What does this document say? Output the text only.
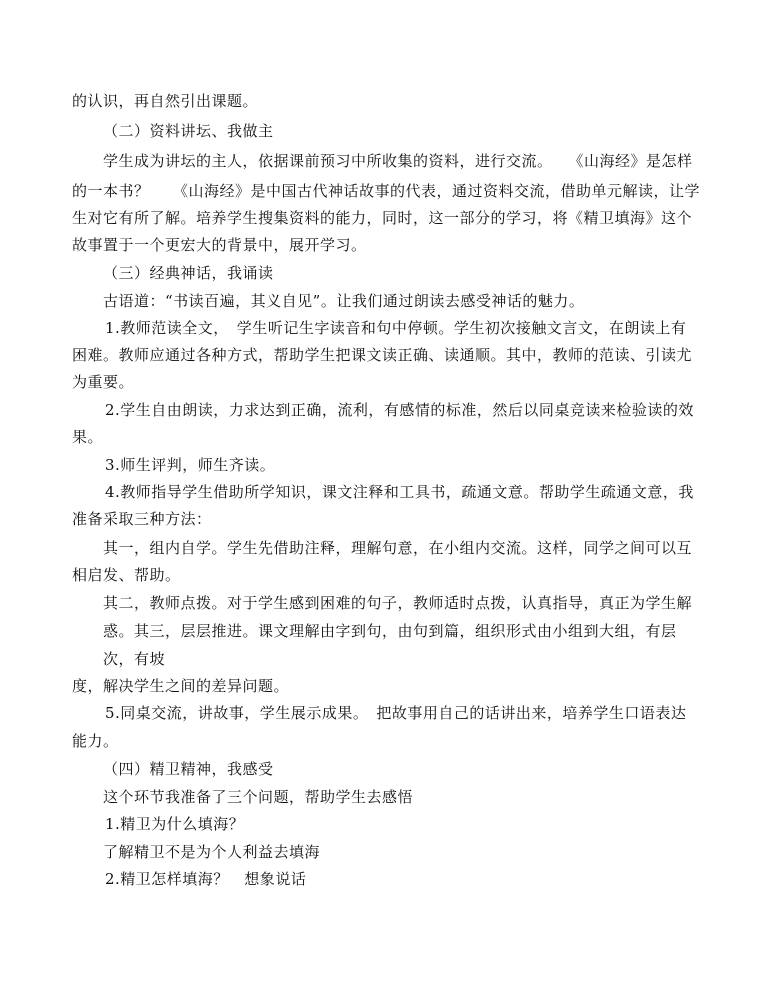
的认识，再自然引出课题。
（二）资料讲坛、我做主
学生成为讲坛的主人，依据课前预习中所收集的资料，进行交流。　　《山海经》是怎样
的一本书？　　《山海经》是中国古代神话故事的代表，通过资料交流，借助单元解读，让学
生对它有所了解。培养学生搜集资料的能力，同时，这一部分的学习，将《精卫填海》这个
故事置于一个更宏大的背景中，展开学习。
（三）经典神话，我诵读
古语道：“书读百遍，其义自见”。让我们通过朗读去感受神话的魅力。
1.教师范读全文，　学生听记生字读音和句中停顿。学生初次接触文言文，在朗读上有
困难。教师应通过各种方式，帮助学生把课文读正确、读通顺。其中，教师的范读、引读尤
为重要。
2.学生自由朗读，力求达到正确，流利，有感情的标准，然后以同桌竞读来检验读的效
果。
3.师生评判，师生齐读。
4.教师指导学生借助所学知识，课文注释和工具书，疏通文意。帮助学生疏通文意，我
准备采取三种方法：
其一，组内自学。学生先借助注释，理解句意，在小组内交流。这样，同学之间可以互
相启发、帮助。
其二，教师点拨。对于学生感到困难的句子，教师适时点拨，认真指导，真正为学生解
惑。其三，层层推进。课文理解由字到句，由句到篇，组织形式由小组到大组，有层
次，有坡
度，解决学生之间的差异问题。
5.同桌交流，讲故事，学生展示成果。　把故事用自己的话讲出来，培养学生口语表达
能力。
（四）精卫精神，我感受
这个环节我准备了三个问题，帮助学生去感悟
1.精卫为什么填海？
了解精卫不是为个人利益去填海
2.精卫怎样填海？　想象说话
